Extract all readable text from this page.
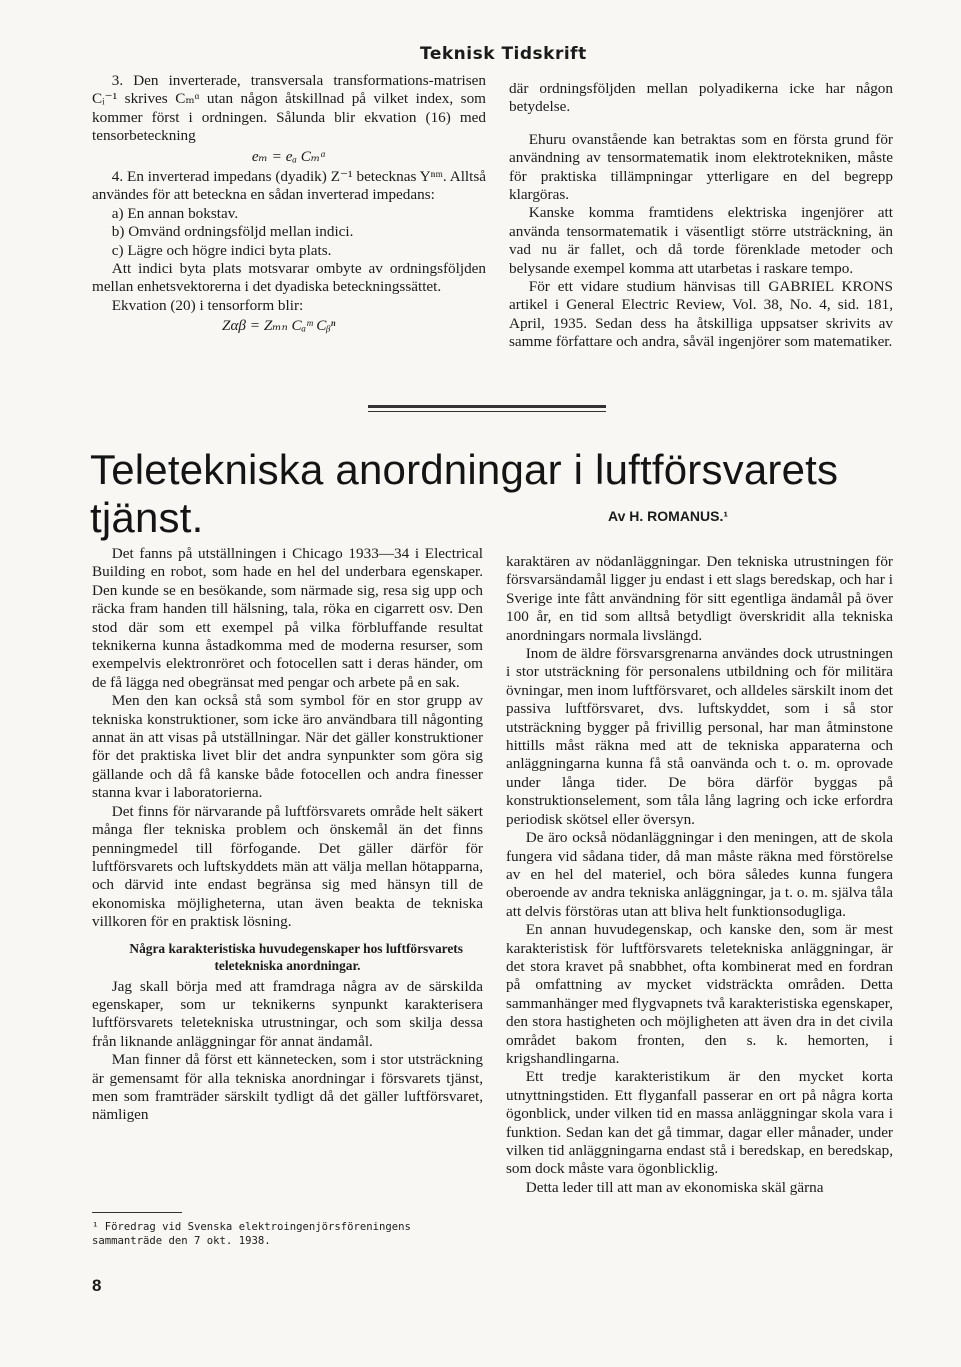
Teknisk Tidskrift

3. Den inverterade, transversala transformations-matrisen Cᵢ⁻¹ skrives Cₘᵅ utan någon åtskillnad på vilket index, som kommer först i ordningen. Sålunda blir ekvation (16) med tensorbeteckning

eₘ = eₐ Cₘᵅ

4. En inverterad impedans (dyadik) Z⁻¹ betecknas Yⁿᵐ. Alltså användes för att beteckna en sådan inverterad impedans:

a) En annan bokstav.
b) Omvänd ordningsföljd mellan indici.
c) Lägre och högre indici byta plats.

Att indici byta plats motsvarar ombyte av ordningsföljden mellan enhetsvektorerna i det dyadiska beteckningssättet.

Ekvation (20) i tensorform blir:

Zαβ = Zₘₙ Cₐᵐ Cᵦⁿ

där ordningsföljden mellan polyadikerna icke har någon betydelse.

Ehuru ovanstående kan betraktas som en första grund för användning av tensormatematik inom elektrotekniken, måste för praktiska tillämpningar ytterligare en del begrepp klargöras.

Kanske komma framtidens elektriska ingenjörer att använda tensormatematik i väsentligt större utsträckning, än vad nu är fallet, och då torde förenklade metoder och belysande exempel komma att utarbetas i raskare tempo.

För ett vidare studium hänvisas till GABRIEL KRONS artikel i General Electric Review, Vol. 38, No. 4, sid. 181, April, 1935. Sedan dess ha åtskilliga uppsatser skrivits av samme författare och andra, såväl ingenjörer som matematiker.

Teletekniska anordningar i luftförsvarets tjänst.	Av H. ROMANUS.¹

Det fanns på utställningen i Chicago 1933—34 i Electrical Building en robot, som hade en hel del underbara egenskaper. Den kunde se en besökande, som närmade sig, resa sig upp och räcka fram handen till hälsning, tala, röka en cigarrett osv. Den stod där som ett exempel på vilka förbluffande resultat teknikerna kunna åstadkomma med de moderna resurser, som exempelvis elektronröret och fotocellen satt i deras händer, om de få lägga ned obegränsat med pengar och arbete på en sak.

Men den kan också stå som symbol för en stor grupp av tekniska konstruktioner, som icke äro användbara till någonting annat än att visas på utställningar. När det gäller konstruktioner för det praktiska livet blir det andra synpunkter som göra sig gällande och då få kanske både fotocellen och andra finesser stanna kvar i laboratorierna.

Det finns för närvarande på luftförsvarets område helt säkert många fler tekniska problem och önskemål än det finns penningmedel till förfogande. Det gäller därför för luftförsvarets och luftskyddets män att välja mellan hötapparna, och därvid inte endast begränsa sig med hänsyn till de ekonomiska möjligheterna, utan även beakta de tekniska villkoren för en praktisk lösning.

Några karakteristiska huvudegenskaper hos luftförsvarets teletekniska anordningar.

Jag skall börja med att framdraga några av de särskilda egenskaper, som ur teknikerns synpunkt karakterisera luftförsvarets teletekniska utrustningar, och som skilja dessa från liknande anläggningar för annat ändamål.

Man finner då först ett kännetecken, som i stor utsträckning är gemensamt för alla tekniska anordningar i försvarets tjänst, men som framträder särskilt tydligt då det gäller luftförsvaret, nämligen

karaktären av nödanläggningar. Den tekniska utrustningen för försvarsändamål ligger ju endast i ett slags beredskap, och har i Sverige inte fått användning för sitt egentliga ändamål på över 100 år, en tid som alltså betydligt överskridit alla tekniska anordningars normala livslängd.

Inom de äldre försvarsgrenarna användes dock utrustningen i stor utsträckning för personalens utbildning och för militära övningar, men inom luftförsvaret, och alldeles särskilt inom det passiva luftförsvaret, dvs. luftskyddet, som i så stor utsträckning bygger på frivillig personal, har man åtminstone hittills måst räkna med att de tekniska apparaterna och anläggningarna kunna få stå oanvända och t. o. m. oprovade under långa tider. De böra därför byggas på konstruktionselement, som tåla lång lagring och icke erfordra periodisk skötsel eller översyn.

De äro också nödanläggningar i den meningen, att de skola fungera vid sådana tider, då man måste räkna med förstörelse av en hel del materiel, och böra således kunna fungera oberoende av andra tekniska anläggningar, ja t. o. m. själva tåla att delvis förstöras utan att bliva helt funktionsodugliga.

En annan huvudegenskap, och kanske den, som är mest karakteristisk för luftförsvarets teletekniska anläggningar, är det stora kravet på snabbhet, ofta kombinerat med en fordran på omfattning av mycket vidsträckta områden. Detta sammanhänger med flygvapnets två karakteristiska egenskaper, den stora hastigheten och möjligheten att även dra in det civila området bakom fronten, den s. k. hemorten, i krigshandlingarna.

Ett tredje karakteristikum är den mycket korta utnyttningstiden. Ett flyganfall passerar en ort på några korta ögonblick, under vilken tid en massa anläggningar skola vara i funktion. Sedan kan det gå timmar, dagar eller månader, under vilken tid anläggningarna endast stå i beredskap, en beredskap, som dock måste vara ögonblicklig.

Detta leder till att man av ekonomiska skäl gärna

¹ Föredrag vid Svenska elektroingenjörsföreningens sammanträde den 7 okt. 1938.
8
